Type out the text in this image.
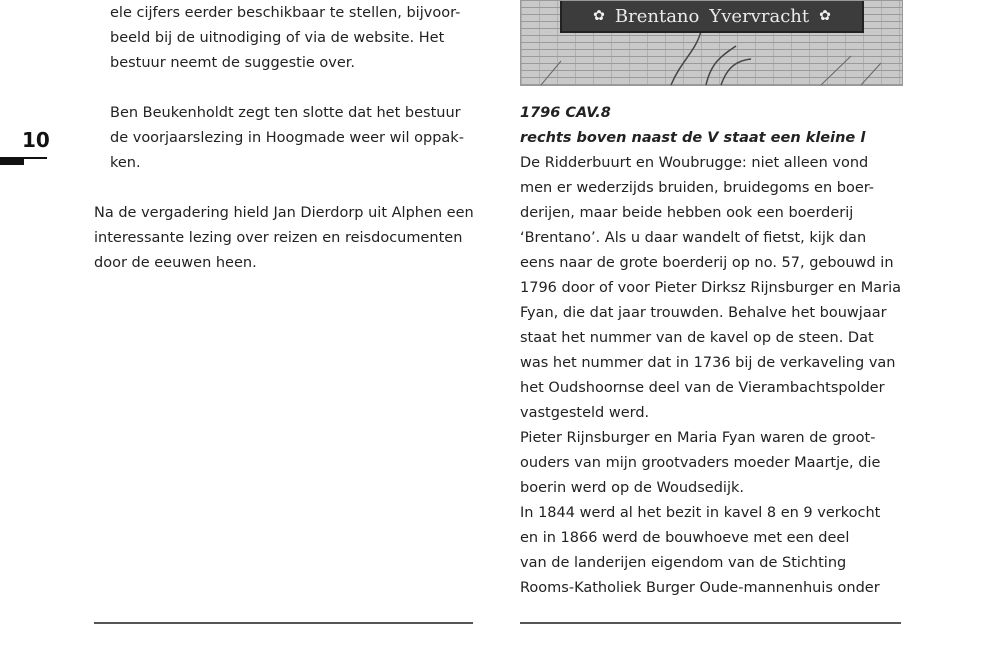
10
ele cijfers eerder beschikbaar te stellen, bijvoor-
beeld bij de uitnodiging of via de website. Het
bestuur neemt de suggestie over.
Ben Beukenholdt zegt ten slotte dat het bestuur
de voorjaarslezing in Hoogmade weer wil oppak-
ken.
Na de vergadering hield Jan Dierdorp uit Alphen een
interessante lezing over reizen en reisdocumenten
door de eeuwen heen.
✿ Brentano Yvervracht ✿
1796 CAV.8
rechts boven naast de V staat een kleine l
De Ridderbuurt en Woubrugge: niet alleen vond
men er wederzijds bruiden, bruidegoms en boer-
derijen, maar beide hebben ook een boerderij
‘Brentano’. Als u daar wandelt of fietst, kijk dan
eens naar de grote boerderij op no. 57, gebouwd in
1796 door of voor Pieter Dirksz Rijnsburger en Maria
Fyan, die dat jaar trouwden. Behalve het bouwjaar
staat het nummer van de kavel op de steen. Dat
was het nummer dat in 1736 bij de verkaveling van
het Oudshoornse deel van de Vierambachtspolder
vastgesteld werd.
Pieter Rijnsburger en Maria Fyan waren de groot-
ouders van mijn grootvaders moeder Maartje, die
boerin werd op de Woudsedijk.
In 1844 werd al het bezit in kavel 8 en 9 verkocht
en in 1866 werd de bouwhoeve met een deel
van de landerijen eigendom van de Stichting
Rooms-Katholiek Burger Oude-mannenhuis onder
